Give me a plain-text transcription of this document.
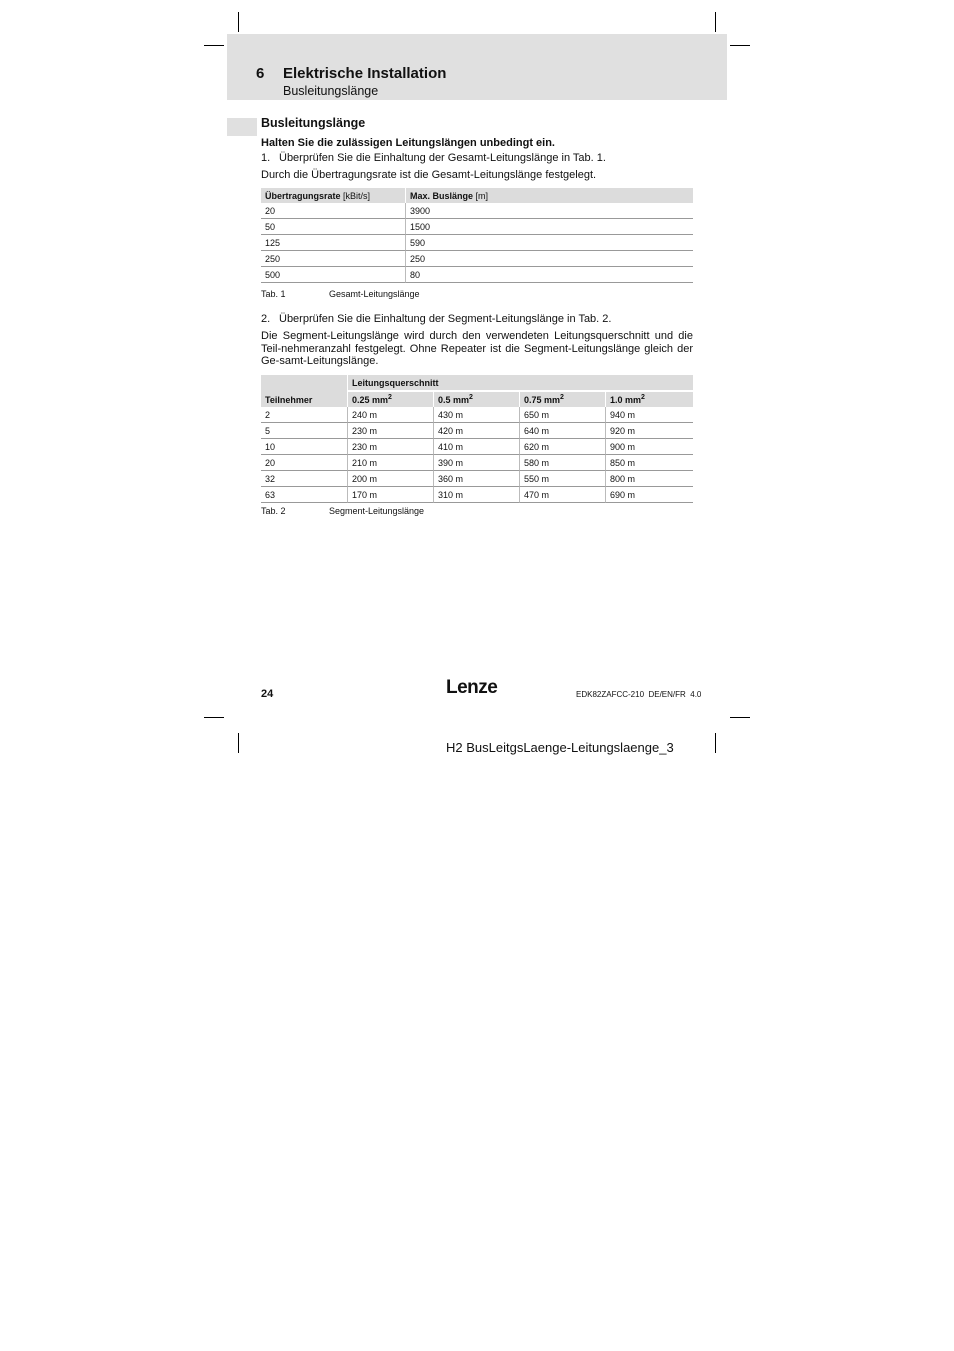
6 Elektrische Installation
Busleitungslänge
Busleitungslänge
Halten Sie die zulässigen Leitungslängen unbedingt ein.
1. Überprüfen Sie die Einhaltung der Gesamt-Leitungslänge in Tab. 1.
Durch die Übertragungsrate ist die Gesamt-Leitungslänge festgelegt.
Übertragungsrate [kBit/s]	Max. Buslänge [m]
20	3900
50	1500
125	590
250	250
500	80
Tab. 1	Gesamt-Leitungslänge
2. Überprüfen Sie die Einhaltung der Segment-Leitungslänge in Tab. 2.
Die Segment-Leitungslänge wird durch den verwendeten Leitungsquerschnitt und die Teil-nehmeranzahl festgelegt. Ohne Repeater ist die Segment-Leitungslänge gleich der Ge-samt-Leitungslänge.
Teilnehmer	Leitungsquerschnitt			
	0.25 $mm^2$	0.5 $mm^2$	0.75 $mm^2$	1.0 $mm^2$
2	240 m	430 m	650 m	940 m
5	230 m	420 m	640 m	920 m
10	230 m	410 m	620 m	900 m
20	210 m	390 m	580 m	850 m
32	200 m	360 m	550 m	800 m
63	170 m	310 m	470 m	690 m
Tab. 2	Segment-Leitungslänge
24	Lenze	EDK82ZAFCC-210  DE/EN/FR  4.0
H2 BusLeitgsLaenge-Leitungslaenge_3
